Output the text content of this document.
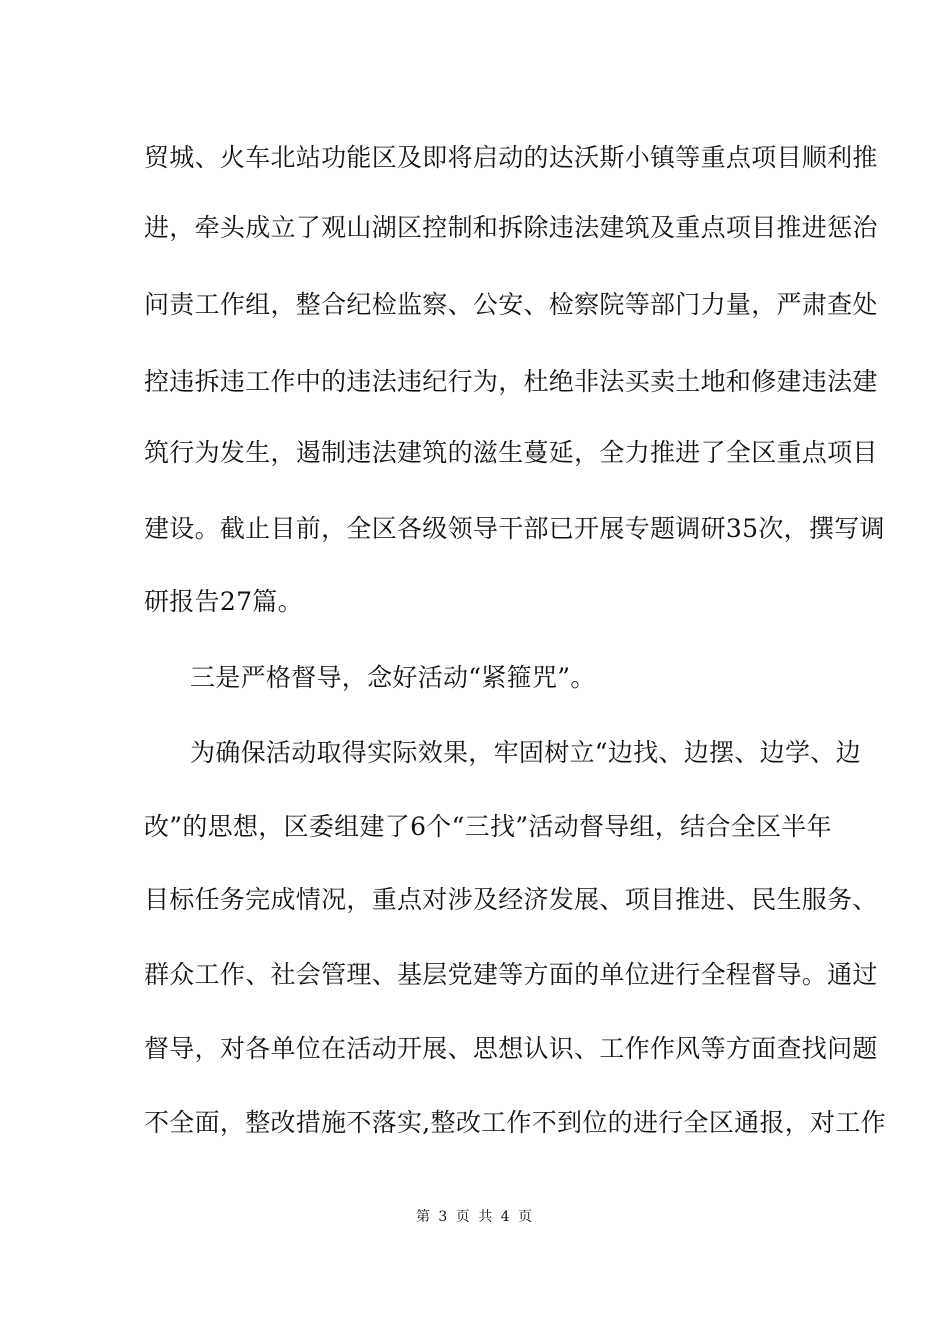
贸城、火车北站功能区及即将启动的达沃斯小镇等重点项目顺利推
进，牵头成立了观山湖区控制和拆除违法建筑及重点项目推进惩治
问责工作组，整合纪检监察、公安、检察院等部门力量，严肃查处
控违拆违工作中的违法违纪行为，杜绝非法买卖土地和修建违法建
筑行为发生，遏制违法建筑的滋生蔓延，全力推进了全区重点项目
建设。截止目前，全区各级领导干部已开展专题调研35次，撰写调
研报告27篇。
三是严格督导，念好活动“紧箍咒”。
为确保活动取得实际效果，牢固树立“边找、边摆、边学、边
改”的思想，区委组建了6个“三找”活动督导组，结合全区半年
目标任务完成情况，重点对涉及经济发展、项目推进、民生服务、
群众工作、社会管理、基层党建等方面的单位进行全程督导。通过
督导，对各单位在活动开展、思想认识、工作作风等方面查找问题
不全面，整改措施不落实,整改工作不到位的进行全区通报，对工作
第 3 页 共 4 页
